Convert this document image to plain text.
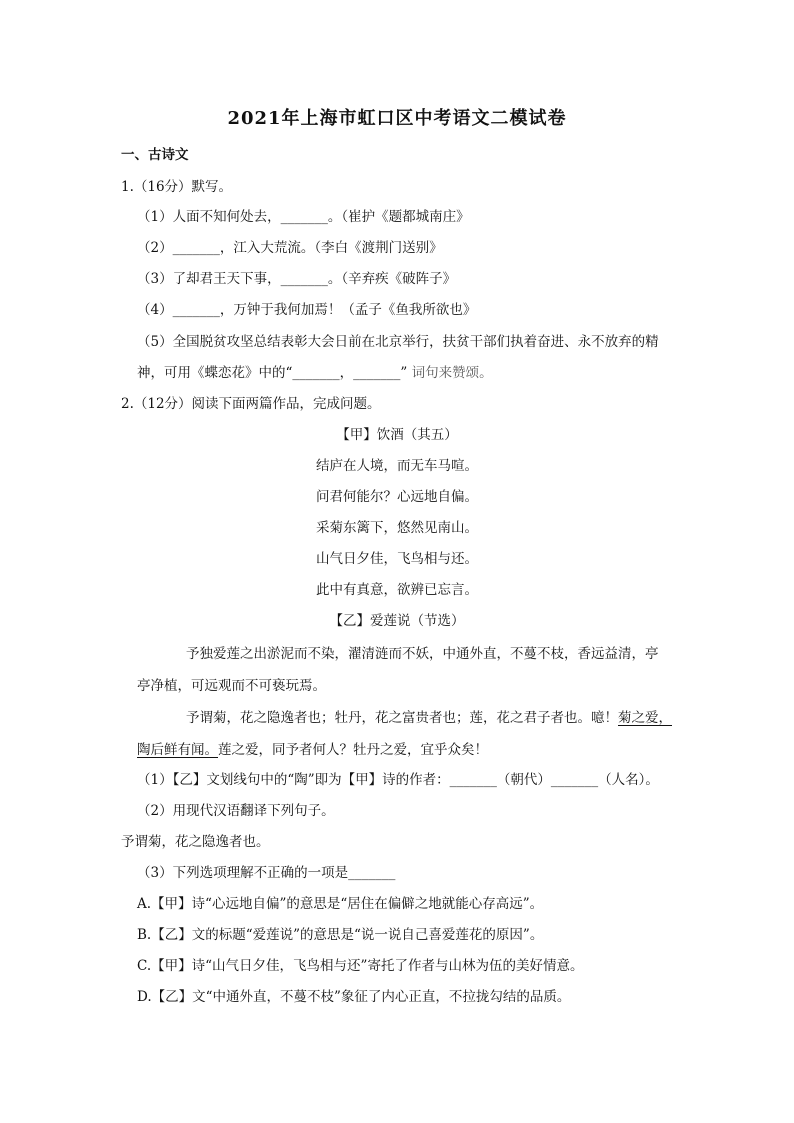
2021年上海市虹口区中考语文二模试卷
一、古诗文
1.（16分）默写。
（1）人面不知何处去，_______。（崔护《题都城南庄》
（2）_______，江入大荒流。（李白《渡荆门送别》
（3）了却君王天下事，_______。（辛弃疾《破阵子》
（4）_______，万钟于我何加焉！（孟子《鱼我所欲也》
（5）全国脱贫攻坚总结表彰大会日前在北京举行，扶贫干部们执着奋进、永不放弃的精
神，可用《蝶恋花》中的“_______，_______” 词句来赞颂。
2.（12分）阅读下面两篇作品，完成问题。
【甲】饮酒（其五）
结庐在人境，而无车马喧。
问君何能尔？心远地自偏。
采菊东篱下，悠然见南山。
山气日夕佳，飞鸟相与还。
此中有真意，欲辨已忘言。
【乙】爱莲说（节选）
予独爱莲之出淤泥而不染，濯清涟而不妖，中通外直，不蔓不枝，香远益清，亭
亭净植，可远观而不可亵玩焉。
予谓菊，花之隐逸者也；牡丹，花之富贵者也；莲，花之君子者也。噫！菊之爱，
陶后鲜有闻。莲之爱，同予者何人？牡丹之爱，宜乎众矣！
（1）【乙】文划线句中的“陶”即为【甲】诗的作者：_______（朝代）_______（人名）。
（2）用现代汉语翻译下列句子。
予谓菊，花之隐逸者也。
（3）下列选项理解不正确的一项是_______
A.【甲】诗“心远地自偏”的意思是“居住在偏僻之地就能心存高远”。
B.【乙】文的标题“爱莲说”的意思是“说一说自己喜爱莲花的原因”。
C.【甲】诗“山气日夕佳，飞鸟相与还”寄托了作者与山林为伍的美好情意。
D.【乙】文“中通外直，不蔓不枝”象征了内心正直，不拉拢勾结的品质。
